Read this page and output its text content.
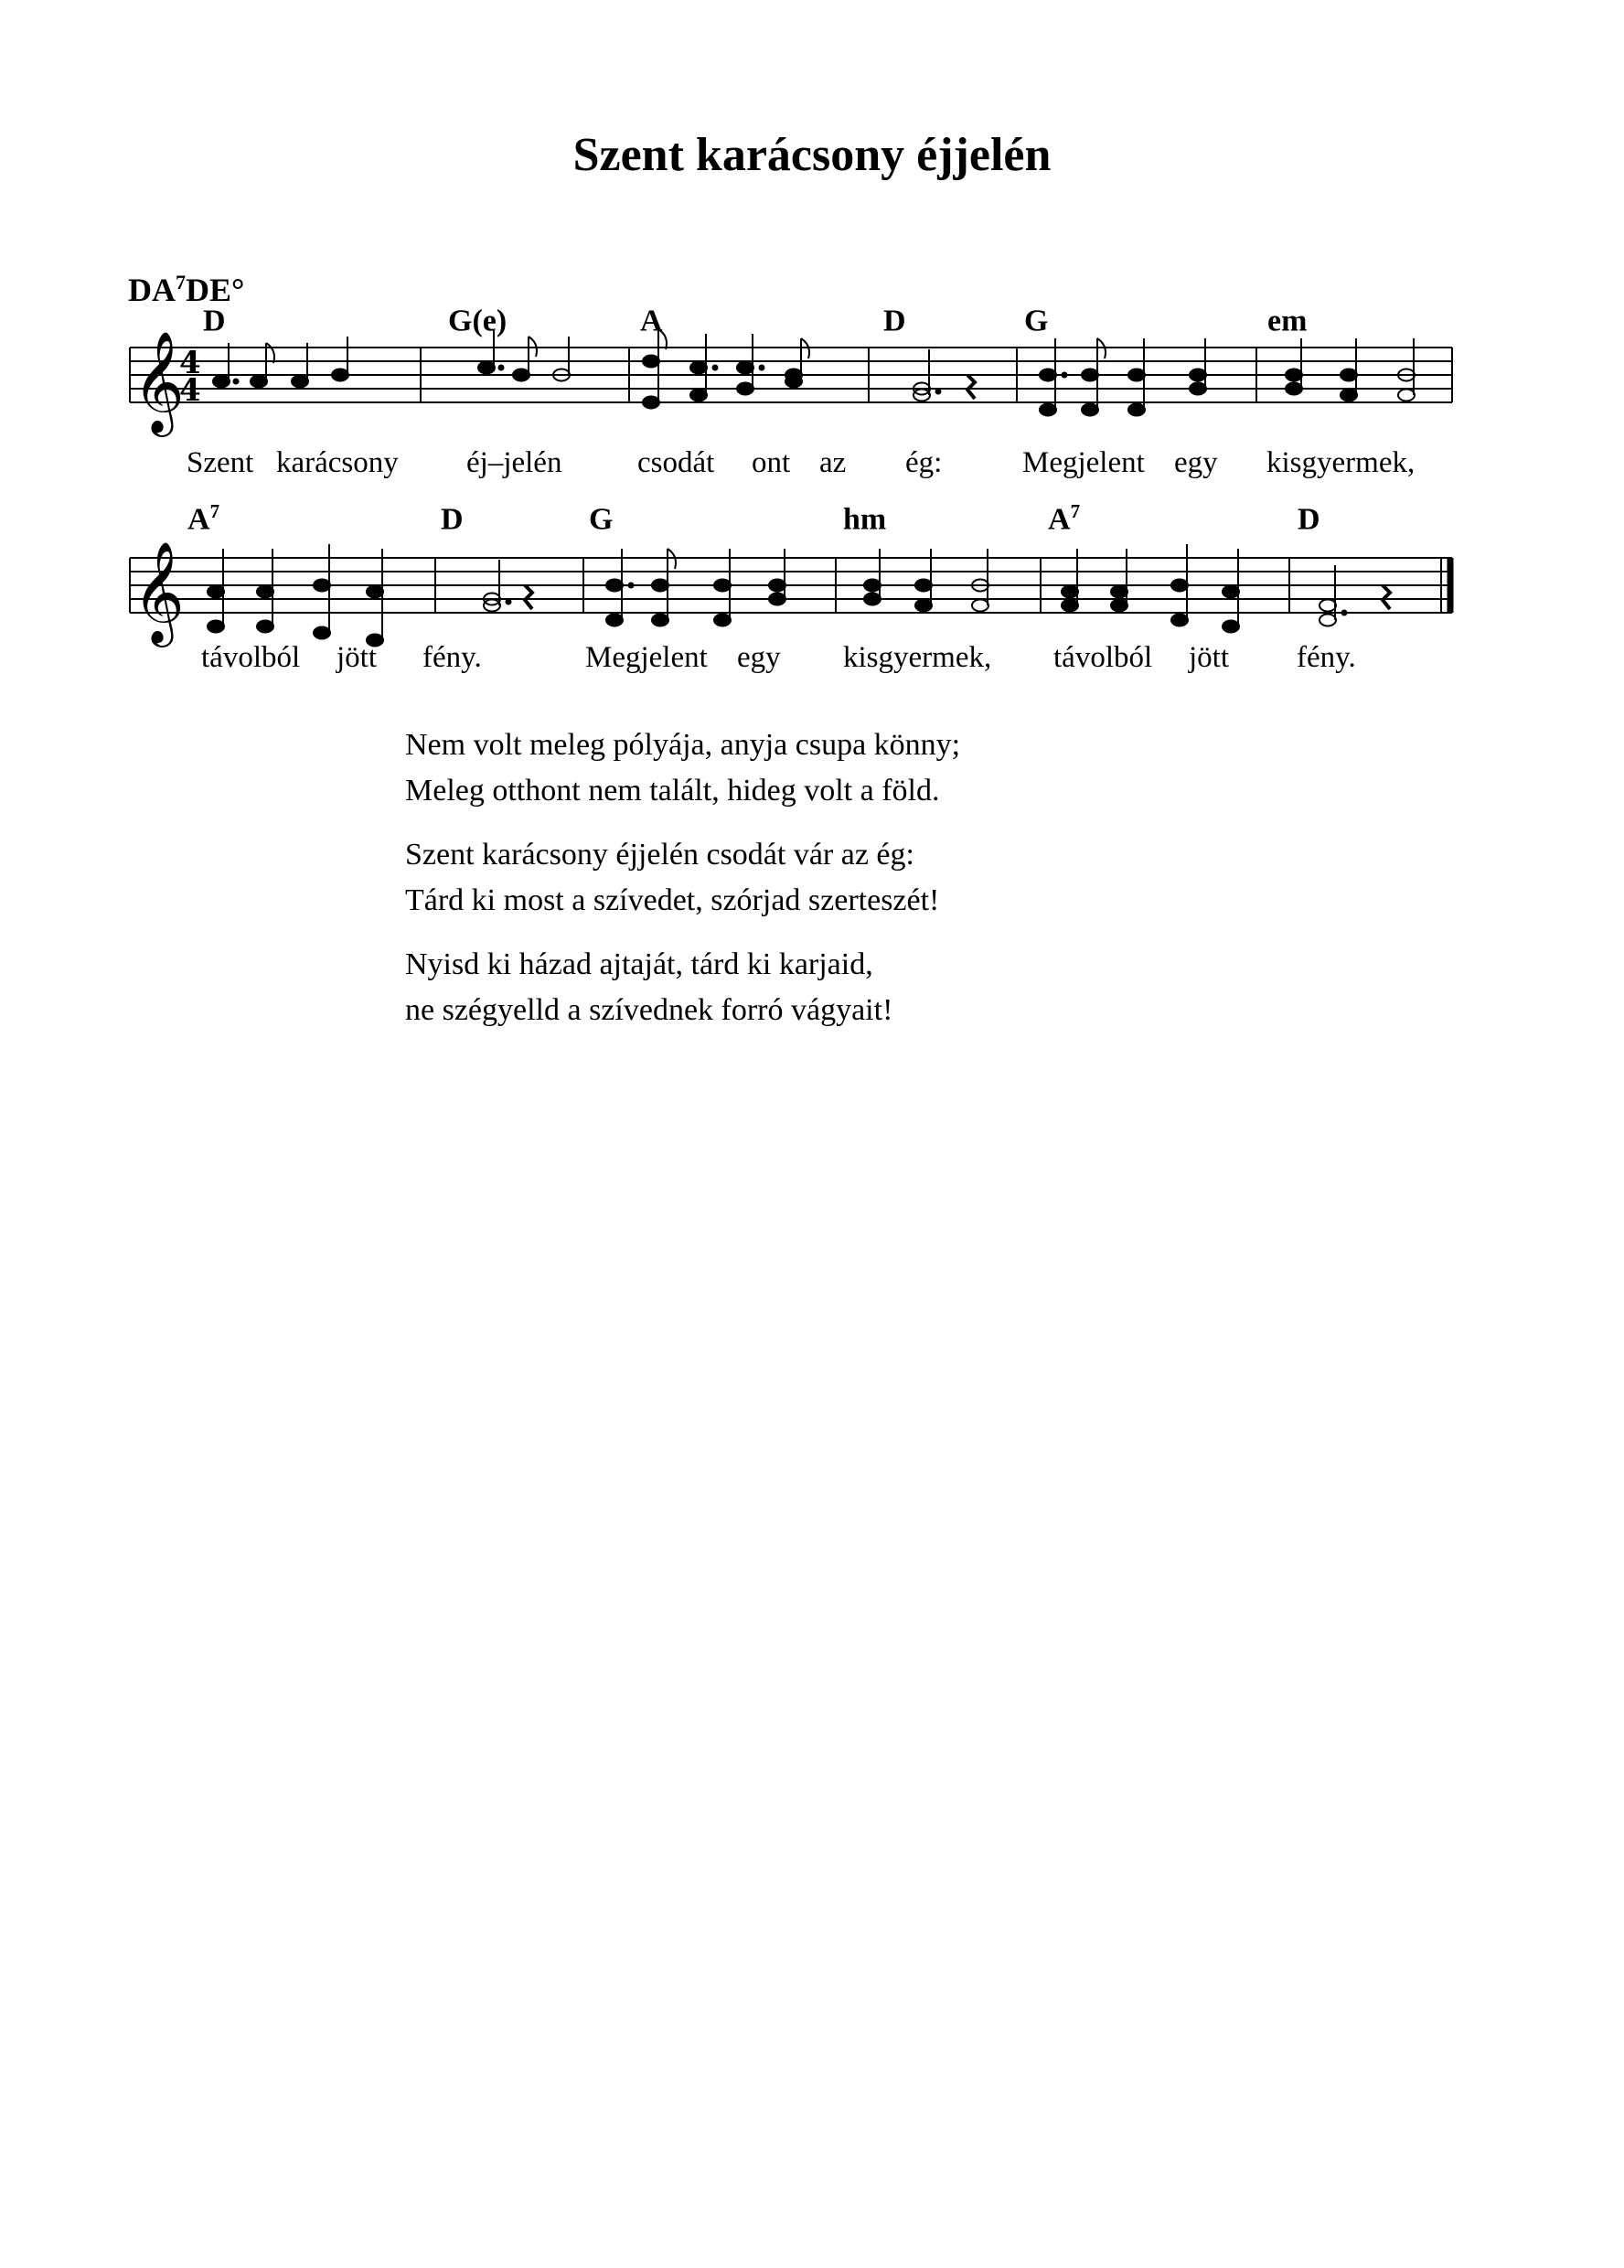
Szent karácsony éjjelén
$DA^7DE^\circ$
D	G(e)	A	D	G	em
𝄞
4
4
Szent karácsony éj–jelén	csodát ont az ég:	Megjelent egy kisgyermek,
$A^7$	D	G	hm	$A^7$	D
𝄞
távolból jött fény.	Megjelent egy kisgyermek, távolból jött fény.
Nem volt meleg pólyája, anyja csupa könny;
Meleg otthont nem talált, hideg volt a föld.
Szent karácsony éjjelén csodát vár az ég:
Tárd ki most a szívedet, szórjad szerteszét!
Nyisd ki házad ajtaját, tárd ki karjaid,
ne szégyelld a szívednek forró vágyait!
